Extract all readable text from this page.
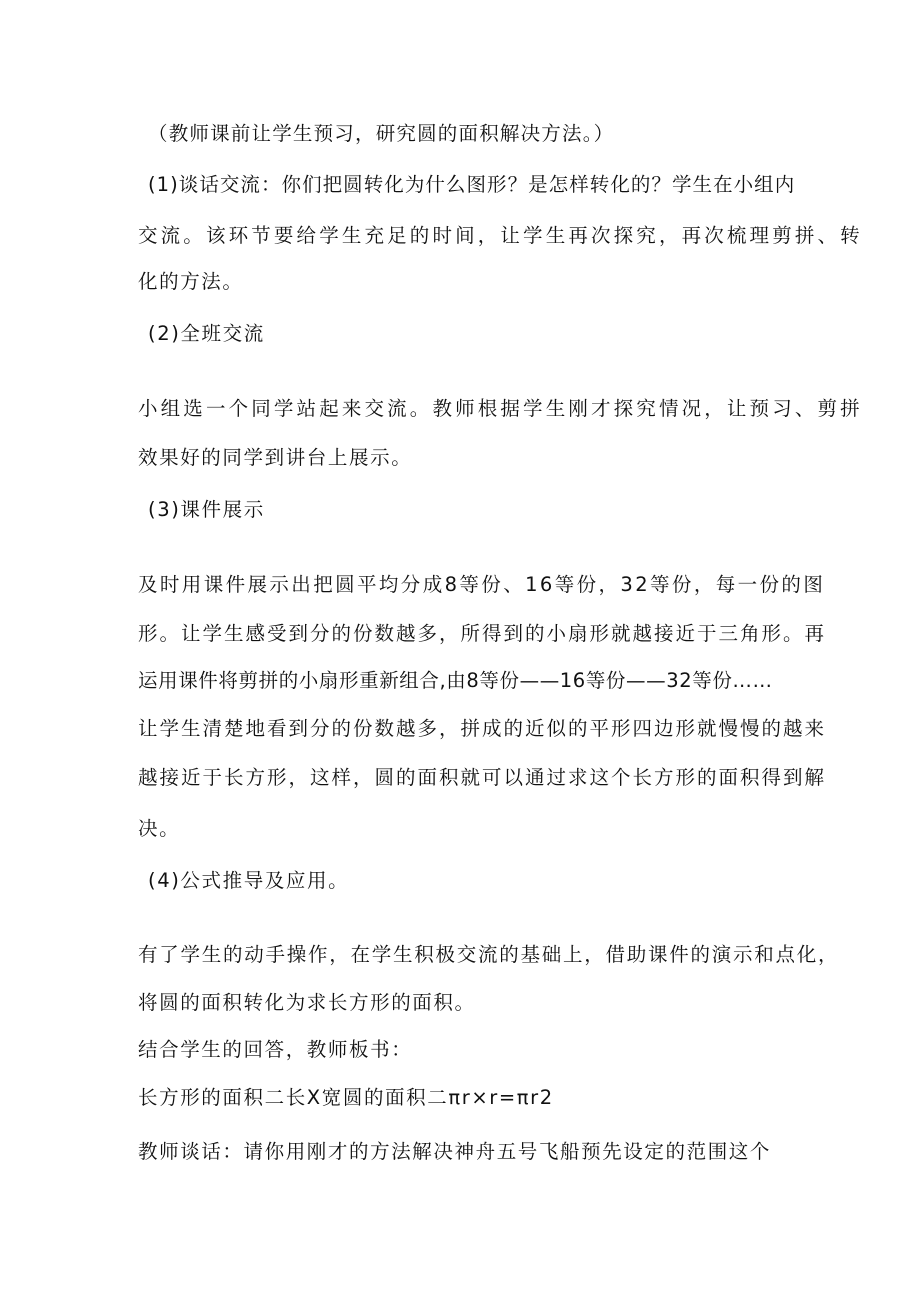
（教师课前让学生预习，研究圆的面积解决方法。）

(1)谈话交流：你们把圆转化为什么图形？是怎样转化的？学生在小组内

交流。该环节要给学生充足的时间，让学生再次探究，再次梳理剪拼、转

化的方法。

(2)全班交流

小组选一个同学站起来交流。教师根据学生刚才探究情况，让预习、剪拼

效果好的同学到讲台上展示。

(3)课件展示

及时用课件展示出把圆平均分成8等份、16等份，32等份，每一份的图

形。让学生感受到分的份数越多，所得到的小扇形就越接近于三角形。再

运用课件将剪拼的小扇形重新组合,由8等份——16等份——32等份……

让学生清楚地看到分的份数越多，拼成的近似的平形四边形就慢慢的越来

越接近于长方形，这样，圆的面积就可以通过求这个长方形的面积得到解

决。

(4)公式推导及应用。

有了学生的动手操作，在学生积极交流的基础上，借助课件的演示和点化，

将圆的面积转化为求长方形的面积。

结合学生的回答，教师板书：

长方形的面积二长X宽圆的面积二πr×r=πr2

教师谈话：请你用刚才的方法解决神舟五号飞船预先设定的范围这个
